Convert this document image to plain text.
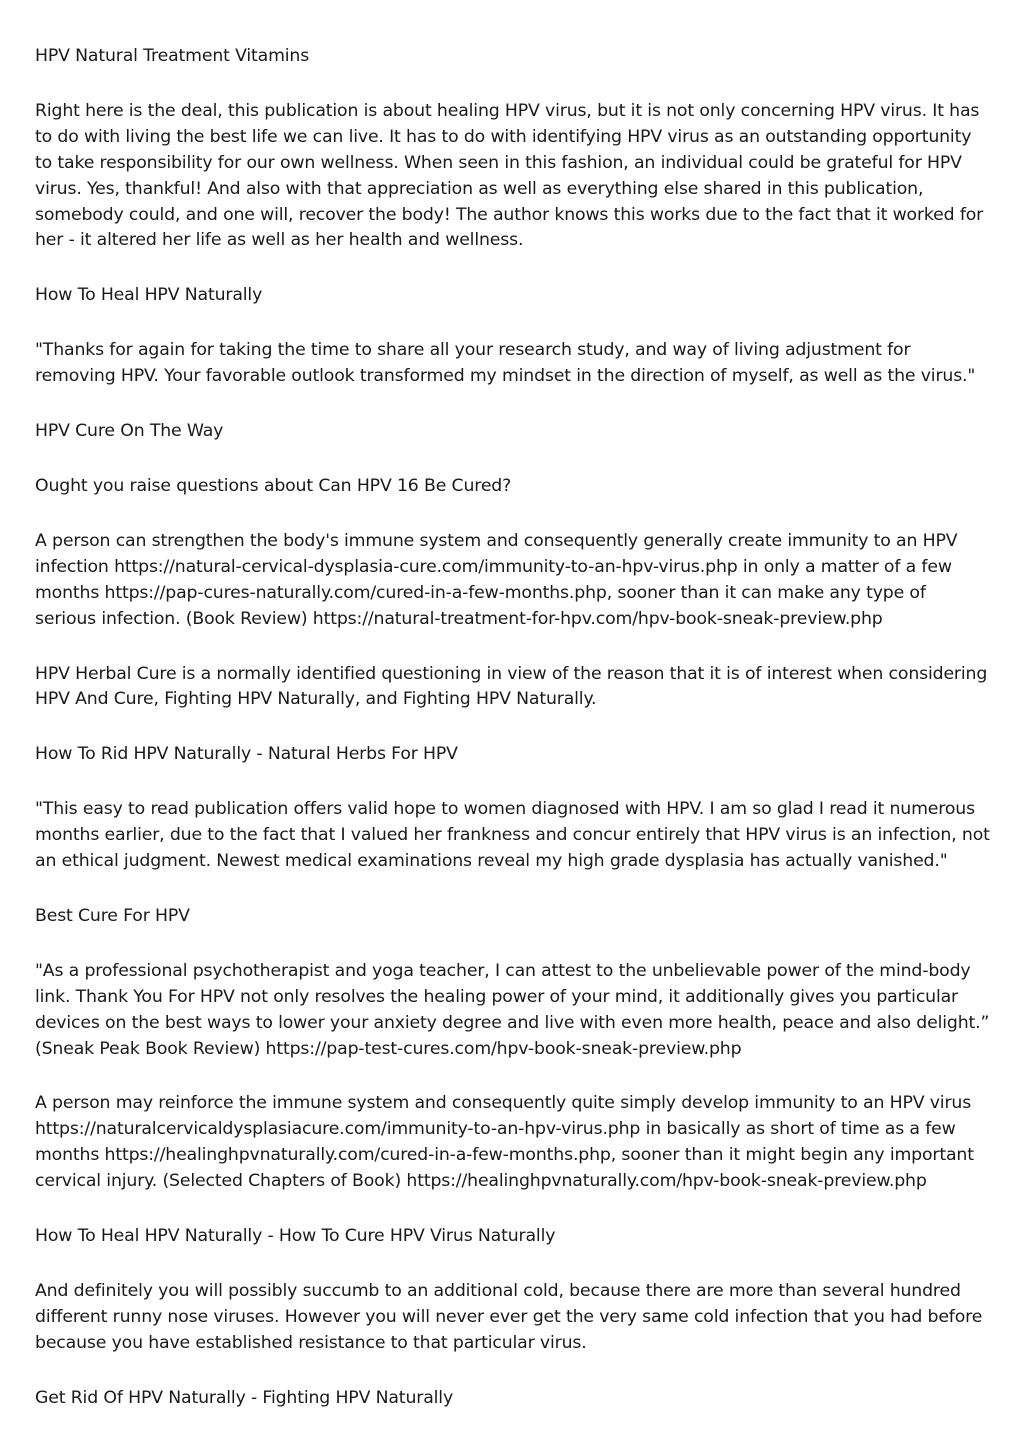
HPV Natural Treatment Vitamins

Right here is the deal, this publication is about healing HPV virus, but it is not only concerning HPV virus. It has to do with living the best life we can live. It has to do with identifying HPV virus as an outstanding opportunity to take responsibility for our own wellness. When seen in this fashion, an individual could be grateful for HPV virus. Yes, thankful! And also with that appreciation as well as everything else shared in this publication, somebody could, and one will, recover the body! The author knows this works due to the fact that it worked for her - it altered her life as well as her health and wellness.

How To Heal HPV Naturally

"Thanks for again for taking the time to share all your research study, and way of living adjustment for removing HPV. Your favorable outlook transformed my mindset in the direction of myself, as well as the virus."

HPV Cure On The Way

Ought you raise questions about Can HPV 16 Be Cured?

A person can strengthen the body's immune system and consequently generally create immunity to an HPV infection https://natural-cervical-dysplasia-cure.com/immunity-to-an-hpv-virus.php in only a matter of a few months https://pap-cures-naturally.com/cured-in-a-few-months.php, sooner than it can make any type of serious infection. (Book Review) https://natural-treatment-for-hpv.com/hpv-book-sneak-preview.php

HPV Herbal Cure is a normally identified questioning in view of the reason that it is of interest when considering HPV And Cure, Fighting HPV Naturally, and Fighting HPV Naturally.

How To Rid HPV Naturally - Natural Herbs For HPV

"This easy to read publication offers valid hope to women diagnosed with HPV. I am so glad I read it numerous months earlier, due to the fact that I valued her frankness and concur entirely that HPV virus is an infection, not an ethical judgment. Newest medical examinations reveal my high grade dysplasia has actually vanished."

Best Cure For HPV

"As a professional psychotherapist and yoga teacher, I can attest to the unbelievable power of the mind-body link. Thank You For HPV not only resolves the healing power of your mind, it additionally gives you particular devices on the best ways to lower your anxiety degree and live with even more health, peace and also delight.” (Sneak Peak Book Review) https://pap-test-cures.com/hpv-book-sneak-preview.php

A person may reinforce the immune system and consequently quite simply develop immunity to an HPV virus https://naturalcervicaldysplasiacure.com/immunity-to-an-hpv-virus.php in basically as short of time as a few months https://healinghpvnaturally.com/cured-in-a-few-months.php, sooner than it might begin any important cervical injury. (Selected Chapters of Book) https://healinghpvnaturally.com/hpv-book-sneak-preview.php

How To Heal HPV Naturally - How To Cure HPV Virus Naturally

And definitely you will possibly succumb to an additional cold, because there are more than several hundred different runny nose viruses. However you will never ever get the very same cold infection that you had before because you have established resistance to that particular virus.

Get Rid Of HPV Naturally - Fighting HPV Naturally
